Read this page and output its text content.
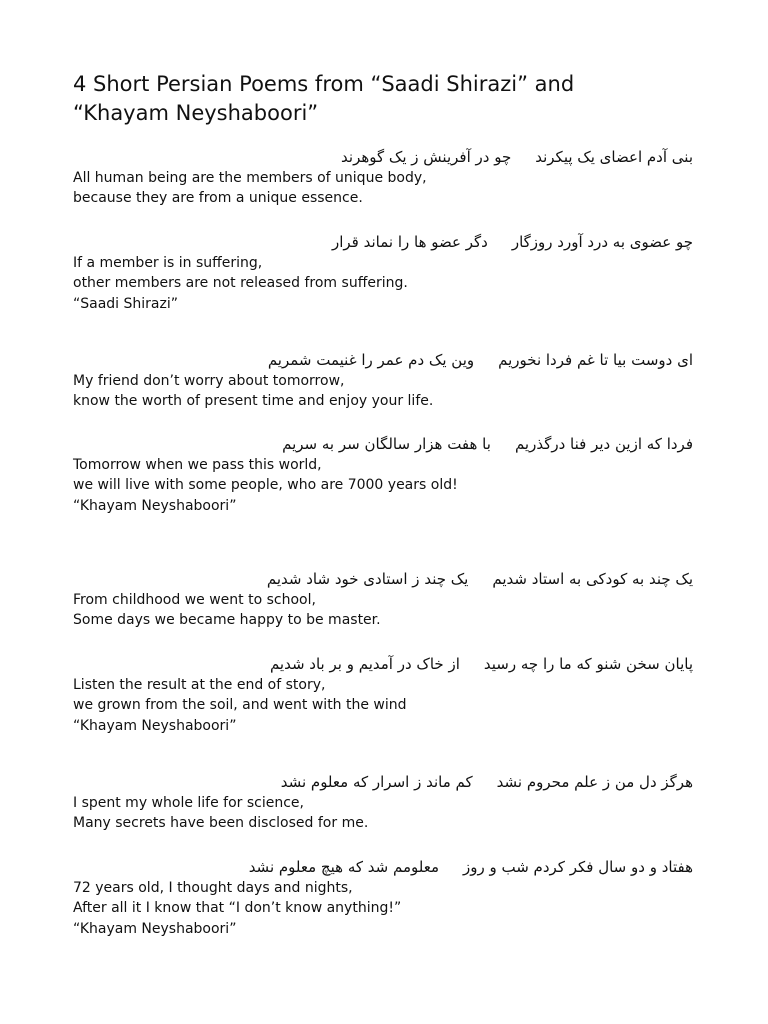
4 Short Persian Poems from “Saadi Shirazi” and
“Khayam Neyshaboori”
بنی آدم اعضای یک پیکرندچو در آفرینش ز یک گوهرند
All human being are the members of unique body,
because they are from a unique essence.
چو عضوی به درد آورد روزگاردگر عضو ها را نماند قرار
If a member is in suffering,
other members are not released from suffering.
“Saadi Shirazi”
ای دوست بیا تا غم فردا نخوریموین یک دم عمر را غنیمت شمریم
My friend don’t worry about tomorrow,
know the worth of present time and enjoy your life.
فردا که ازین دیر فنا درگذریمبا هفت هزار سالگان سر به سریم
Tomorrow when we pass this world,
we will live with some people, who are 7000 years old!
“Khayam Neyshaboori”
یک چند به کودکی به استاد شدیمیک چند ز استادی خود شاد شدیم
From childhood we went to school,
Some days we became happy to be master.
پایان سخن شنو که ما را چه رسیداز خاک در آمدیم و بر باد شدیم
Listen the result at the end of story,
we grown from the soil, and went with the wind
“Khayam Neyshaboori”
هرگز دل من ز علم محروم نشدکم ماند ز اسرار که معلوم نشد
I spent my whole life for science,
Many secrets have been disclosed for me.
هفتاد و دو سال فکر کردم شب و روزمعلومم شد که هیچ معلوم نشد
72 years old, I thought days and nights,
After all it I know that “I don’t know anything!”
“Khayam Neyshaboori”
